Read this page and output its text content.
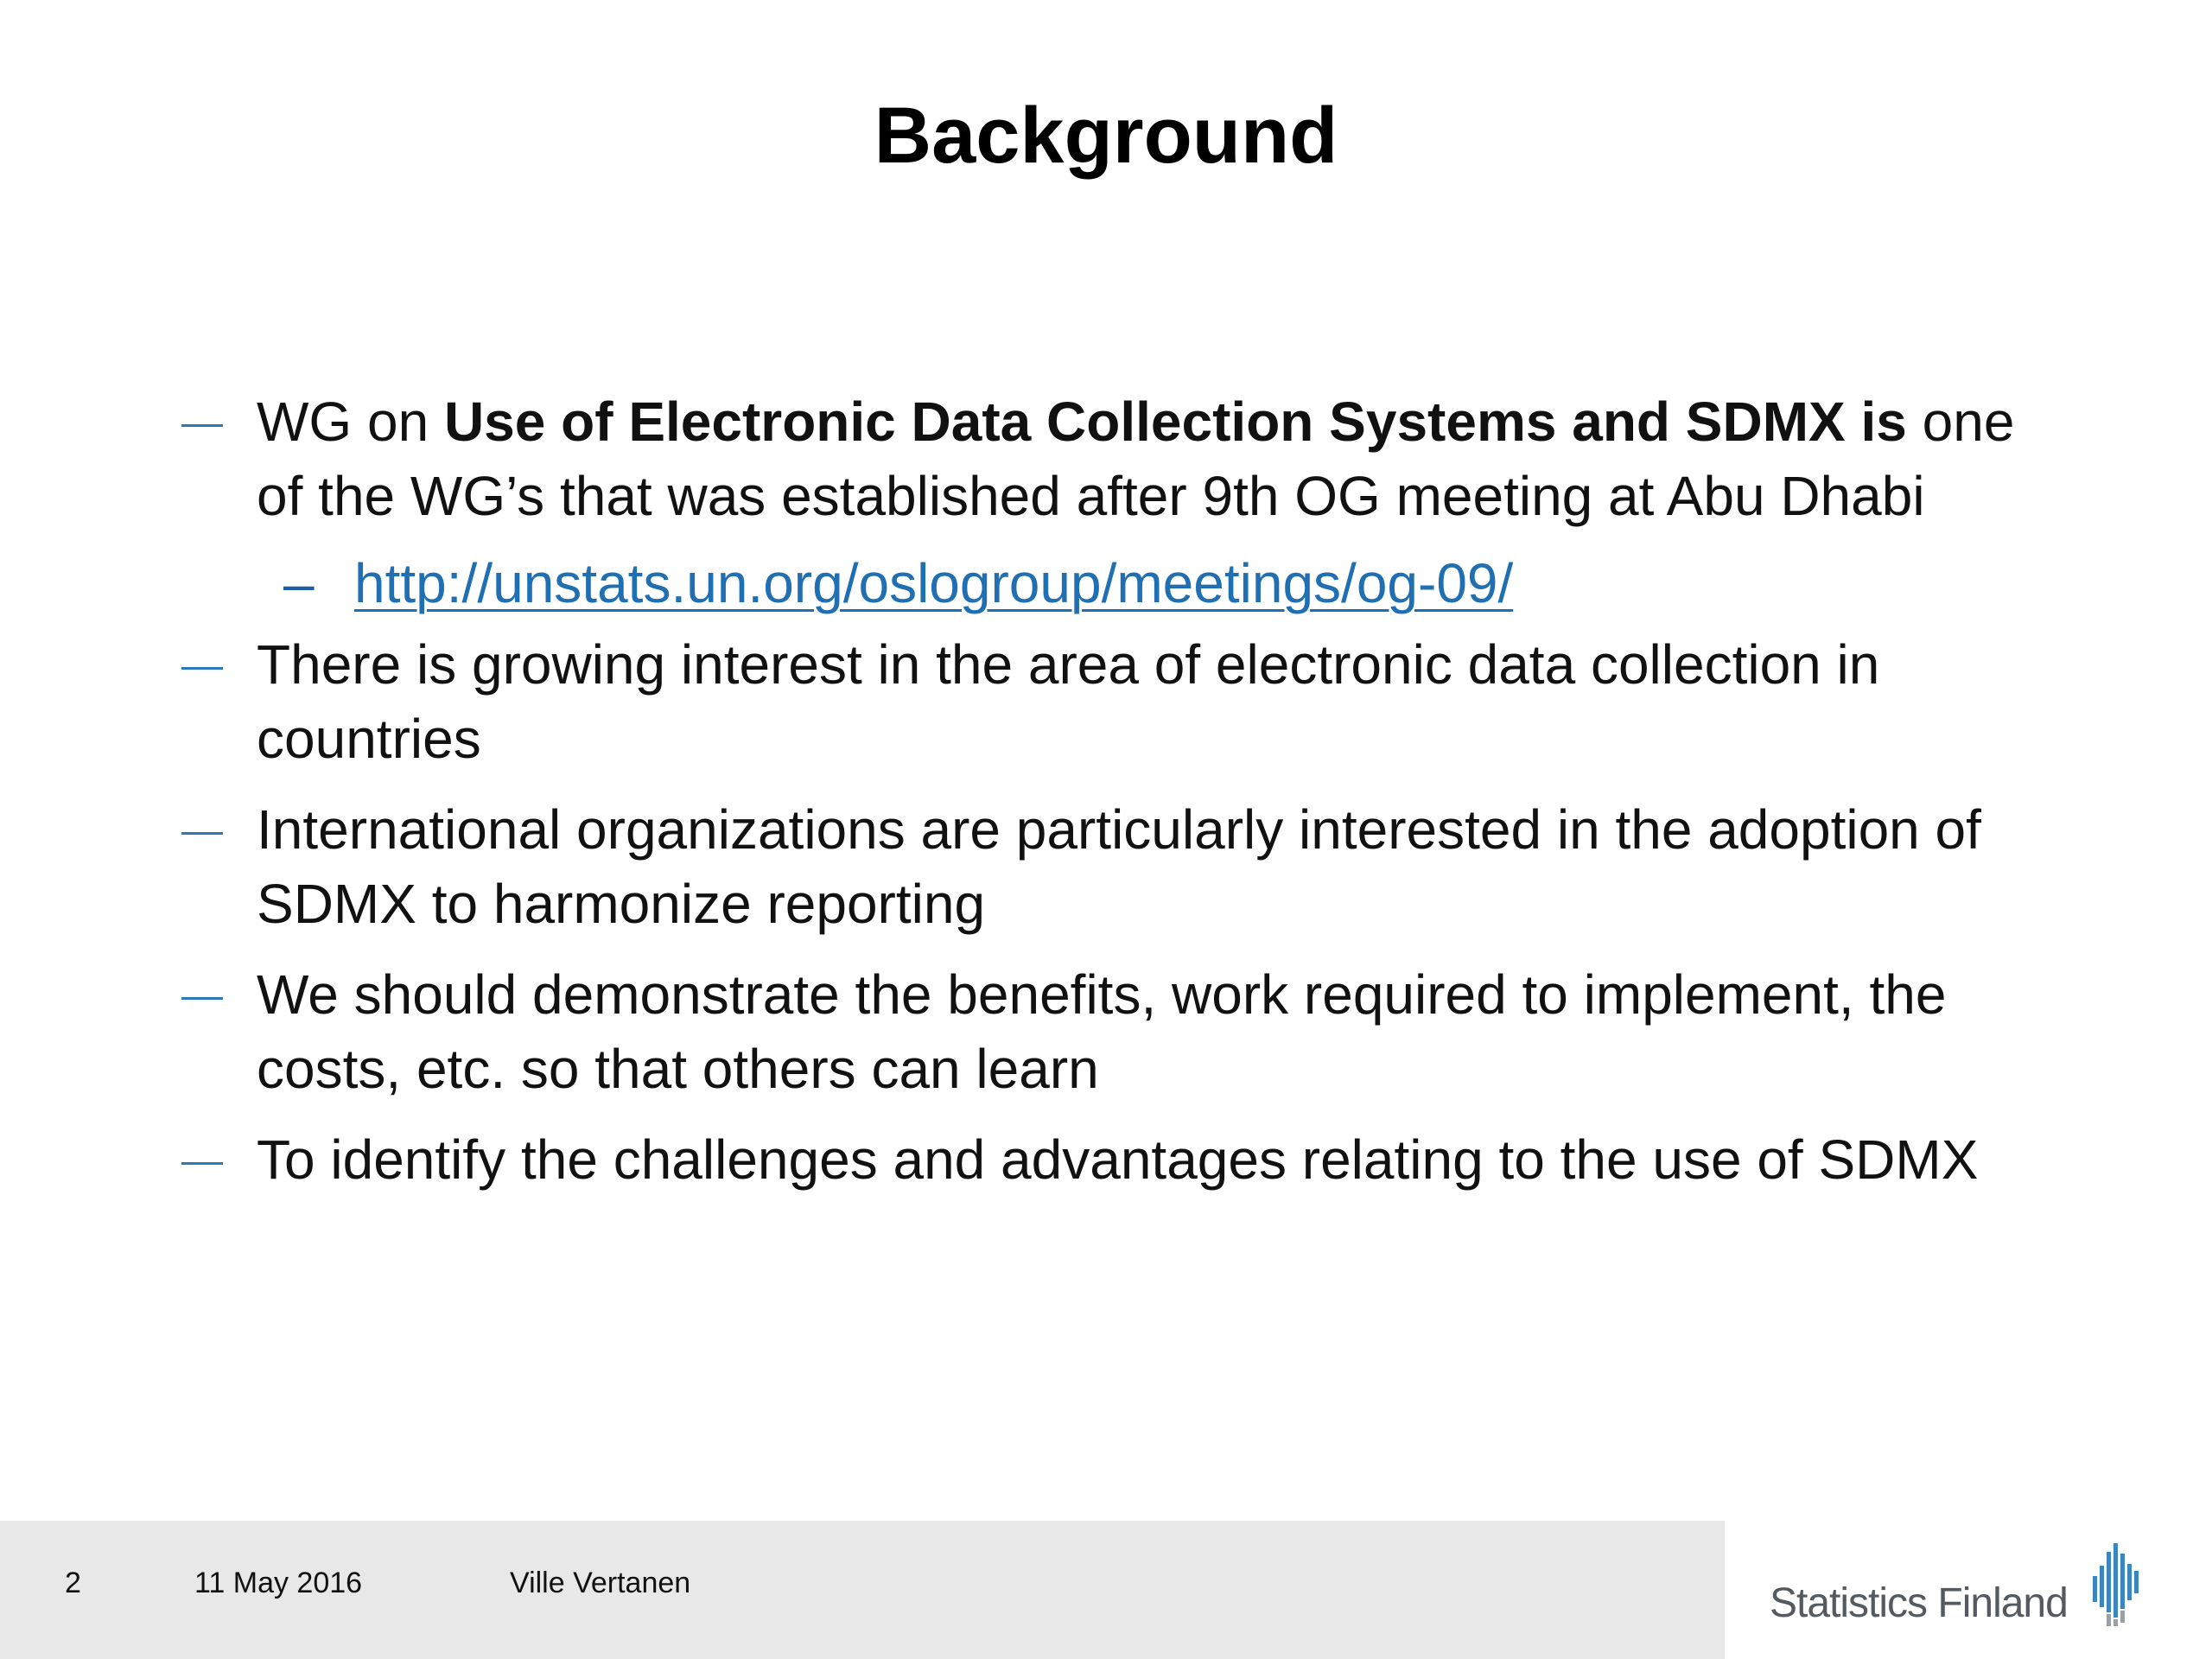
Background
WG on Use of Electronic Data Collection Systems and SDMX is one of the WG’s that was established after 9th OG meeting at Abu Dhabi
– http://unstats.un.org/oslogroup/meetings/og-09/
There is growing interest in the area of electronic data collection in countries
International organizations are particularly interested in the adoption of SDMX to harmonize reporting
We should demonstrate the benefits, work required to implement, the costs, etc. so that others can learn
To identify the challenges and advantages relating to the use of SDMX
2	11 May 2016	Ville Vertanen	Statistics Finland
